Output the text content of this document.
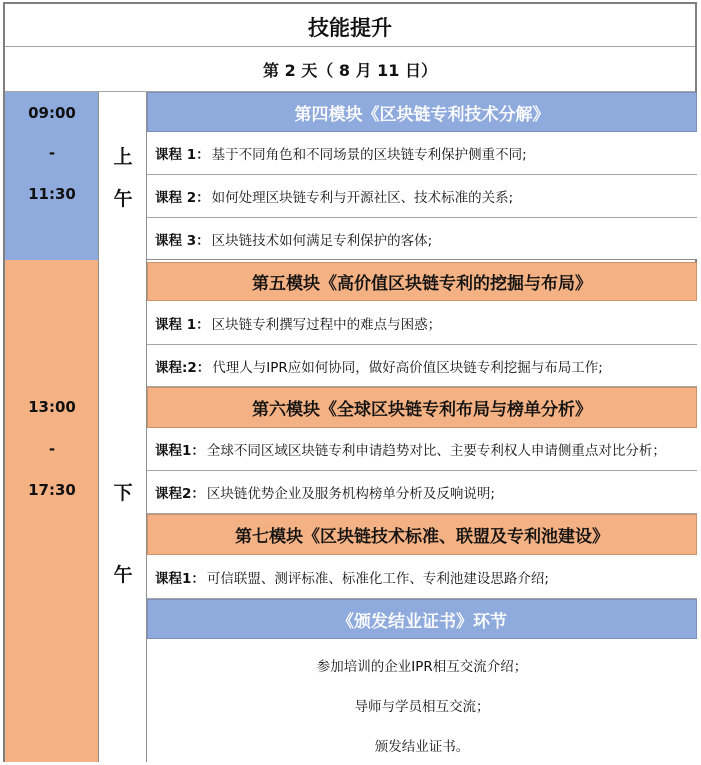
技能提升
第 2 天（ 8 月 11 日）
09:00
-
11:30
上
午
第四模块《区块链专利技术分解》
课程 1： 基于不同角色和不同场景的区块链专利保护侧重不同;
课程 2： 如何处理区块链专利与开源社区、技术标准的关系;
课程 3： 区块链技术如何满足专利保护的客体;
13:00
-
17:30	下
午
第五模块《高价值区块链专利的挖掘与布局》
课程 1： 区块链专利撰写过程中的难点与困惑；
课程:2： 代理人与IPR应如何协同，做好高价值区块链专利挖掘与布局工作;
第六模块《全球区块链专利布局与榜单分析》
课程1： 全球不同区域区块链专利申请趋势对比、主要专利权人申请侧重点对比分析；
课程2： 区块链优势企业及服务机构榜单分析及反响说明;
第七模块《区块链技术标准、联盟及专利池建设》
课程1： 可信联盟、测评标准、标准化工作、专利池建设思路介绍;
《颁发结业证书》环节
参加培训的企业IPR相互交流介绍；
导师与学员相互交流；
颁发结业证书。
